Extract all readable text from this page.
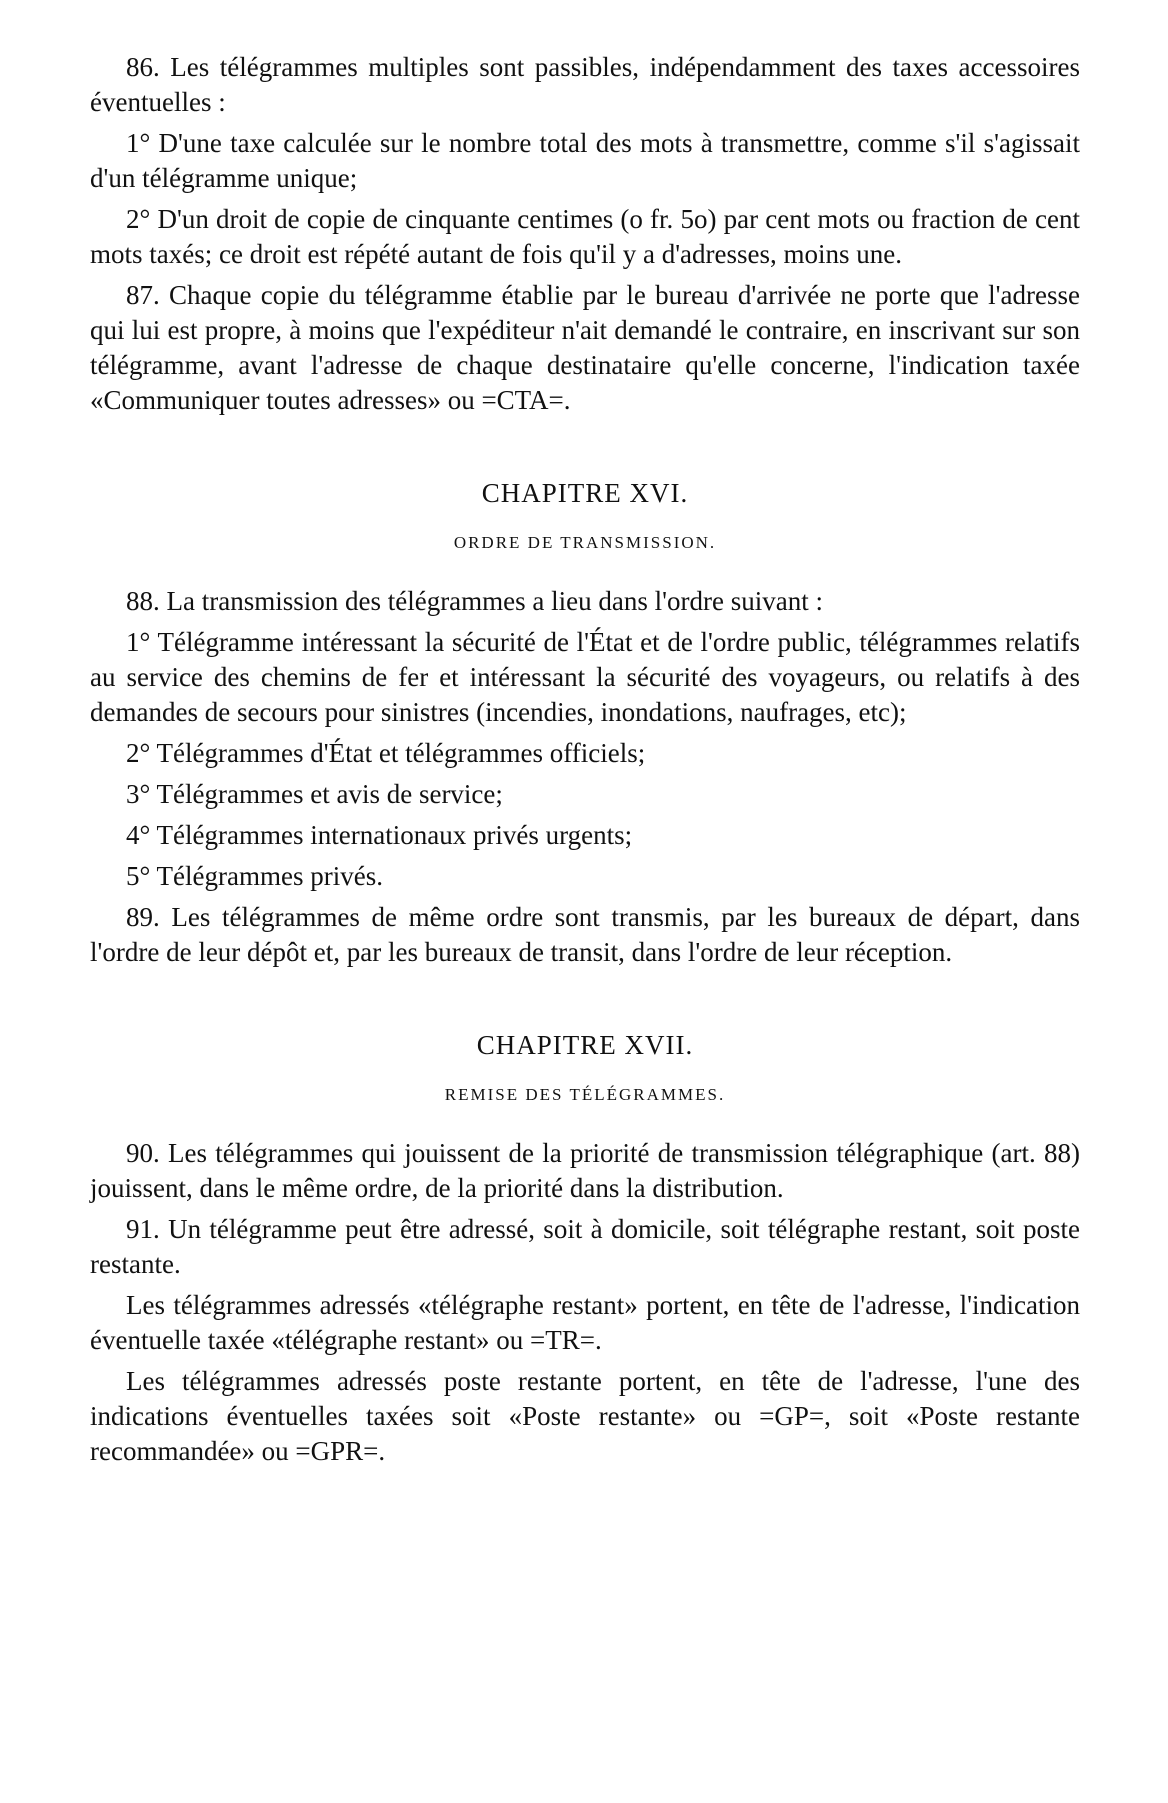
86. Les télégrammes multiples sont passibles, indépendamment des taxes accessoires éventuelles :

1° D'une taxe calculée sur le nombre total des mots à transmettre, comme s'il s'agissait d'un télégramme unique;

2° D'un droit de copie de cinquante centimes (o fr. 5o) par cent mots ou fraction de cent mots taxés; ce droit est répété autant de fois qu'il y a d'adresses, moins une.

87. Chaque copie du télégramme établie par le bureau d'arrivée ne porte que l'adresse qui lui est propre, à moins que l'expéditeur n'ait demandé le contraire, en inscrivant sur son télégramme, avant l'adresse de chaque destinataire qu'elle concerne, l'indication taxée «Communiquer toutes adresses» ou =CTA=.

CHAPITRE XVI.
ORDRE DE TRANSMISSION.

88. La transmission des télégrammes a lieu dans l'ordre suivant :

1° Télégramme intéressant la sécurité de l'État et de l'ordre public, télégrammes relatifs au service des chemins de fer et intéressant la sécurité des voyageurs, ou relatifs à des demandes de secours pour sinistres (incendies, inondations, naufrages, etc);

2° Télégrammes d'État et télégrammes officiels;

3° Télégrammes et avis de service;

4° Télégrammes internationaux privés urgents;

5° Télégrammes privés.

89. Les télégrammes de même ordre sont transmis, par les bureaux de départ, dans l'ordre de leur dépôt et, par les bureaux de transit, dans l'ordre de leur réception.

CHAPITRE XVII.
REMISE DES TÉLÉGRAMMES.

90. Les télégrammes qui jouissent de la priorité de transmission télégraphique (art. 88) jouissent, dans le même ordre, de la priorité dans la distribution.

91. Un télégramme peut être adressé, soit à domicile, soit télégraphe restant, soit poste restante.

Les télégrammes adressés «télégraphe restant» portent, en tête de l'adresse, l'indication éventuelle taxée «télégraphe restant» ou =TR=.

Les télégrammes adressés poste restante portent, en tête de l'adresse, l'une des indications éventuelles taxées soit «Poste restante» ou =GP=, soit «Poste restante recommandée» ou =GPR=.
